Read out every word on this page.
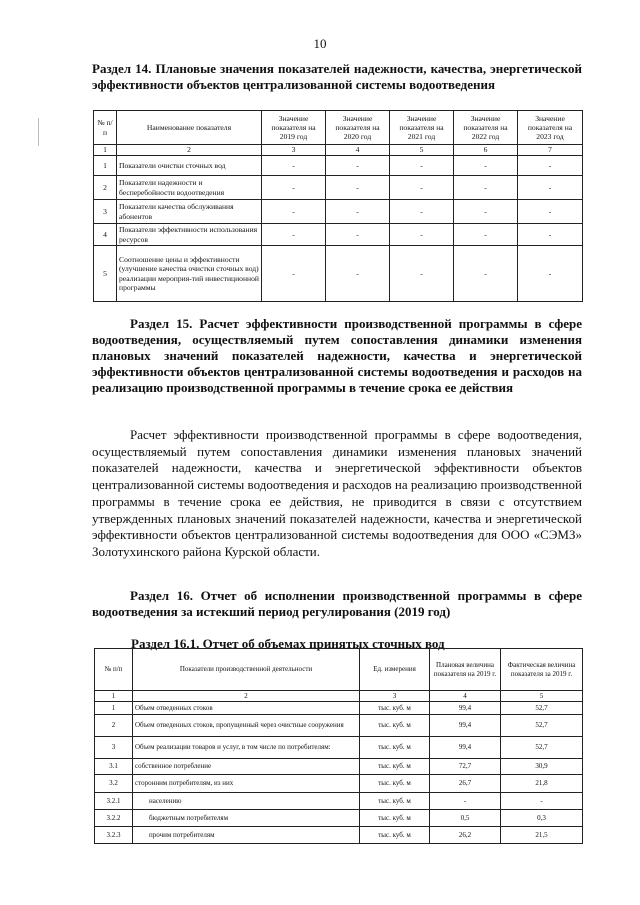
10
Раздел 14. Плановые значения показателей надежности, качества, энергетической эффективности объектов централизованной системы водоотведения
№ п/п	Наименование показателя	Значение показателя на 2019 год	Значение показателя на 2020 год	Значение показателя на 2021 год	Значение показателя на 2022 год	Значение показателя на 2023 год
1	2	3	4	5	6	7
1	Показатели очистки сточных вод	-	-	-	-	-
2	Показатели надежности и бесперебойности водоотведения	-	-	-	-	-
3	Показатели качества обслуживания абонентов	-	-	-	-	-
4	Показатели эффективности использования ресурсов	-	-	-	-	-
5	Соотношение цены и эффективности (улучшение качества очистки сточных вод) реализации мероприя-тий инвестиционной программы	-	-	-	-	-
Раздел 15. Расчет эффективности производственной программы в сфере водоотведения, осуществляемый путем сопоставления динамики изменения плановых значений показателей надежности, качества и энергетической эффективности объектов централизованной системы водоотведения и расходов на реализацию производственной программы в течение срока ее действия
Расчет эффективности производственной программы в сфере водоотведения, осуществляемый путем сопоставления динамики изменения плановых значений показателей надежности, качества и энергетической эффективности объектов централизованной системы водоотведения и расходов на реализацию производственной программы в течение срока ее действия, не приводится в связи с отсутствием утвержденных плановых значений показателей надежности, качества и энергетической эффективности объектов централизованной системы водоотведения для ООО «СЭМЗ» Золотухинского района Курской области.
Раздел 16. Отчет об исполнении производственной программы в сфере водоотведения за истекший период регулирования (2019 год)
Раздел 16.1. Отчет об объемах принятых сточных вод
№ п/п	Показатели производственной деятельности	Ед. измерения	Плановая величина показателя на 2019 г.	Фактическая величина показателя за 2019 г.
1	2	3	4	5
1	Объем отведенных стоков	тыс. куб. м	99,4	52,7
2	Объем отведенных стоков, пропущенный через очистные сооружения	тыс. куб. м	99,4	52,7
3	Объем реализации товаров и услуг, в том числе по потребителям:	тыс. куб. м	99,4	52,7
3.1	собственное потребление	тыс. куб. м	72,7	30,9
3.2	сторонним потребителям, из них	тыс. куб. м	26,7	21,8
3.2.1	населению	тыс. куб. м	-	-
3.2.2	бюджетным потребителям	тыс. куб. м	0,5	0,3
3.2.3	прочим потребителям	тыс. куб. м	26,2	21,5
